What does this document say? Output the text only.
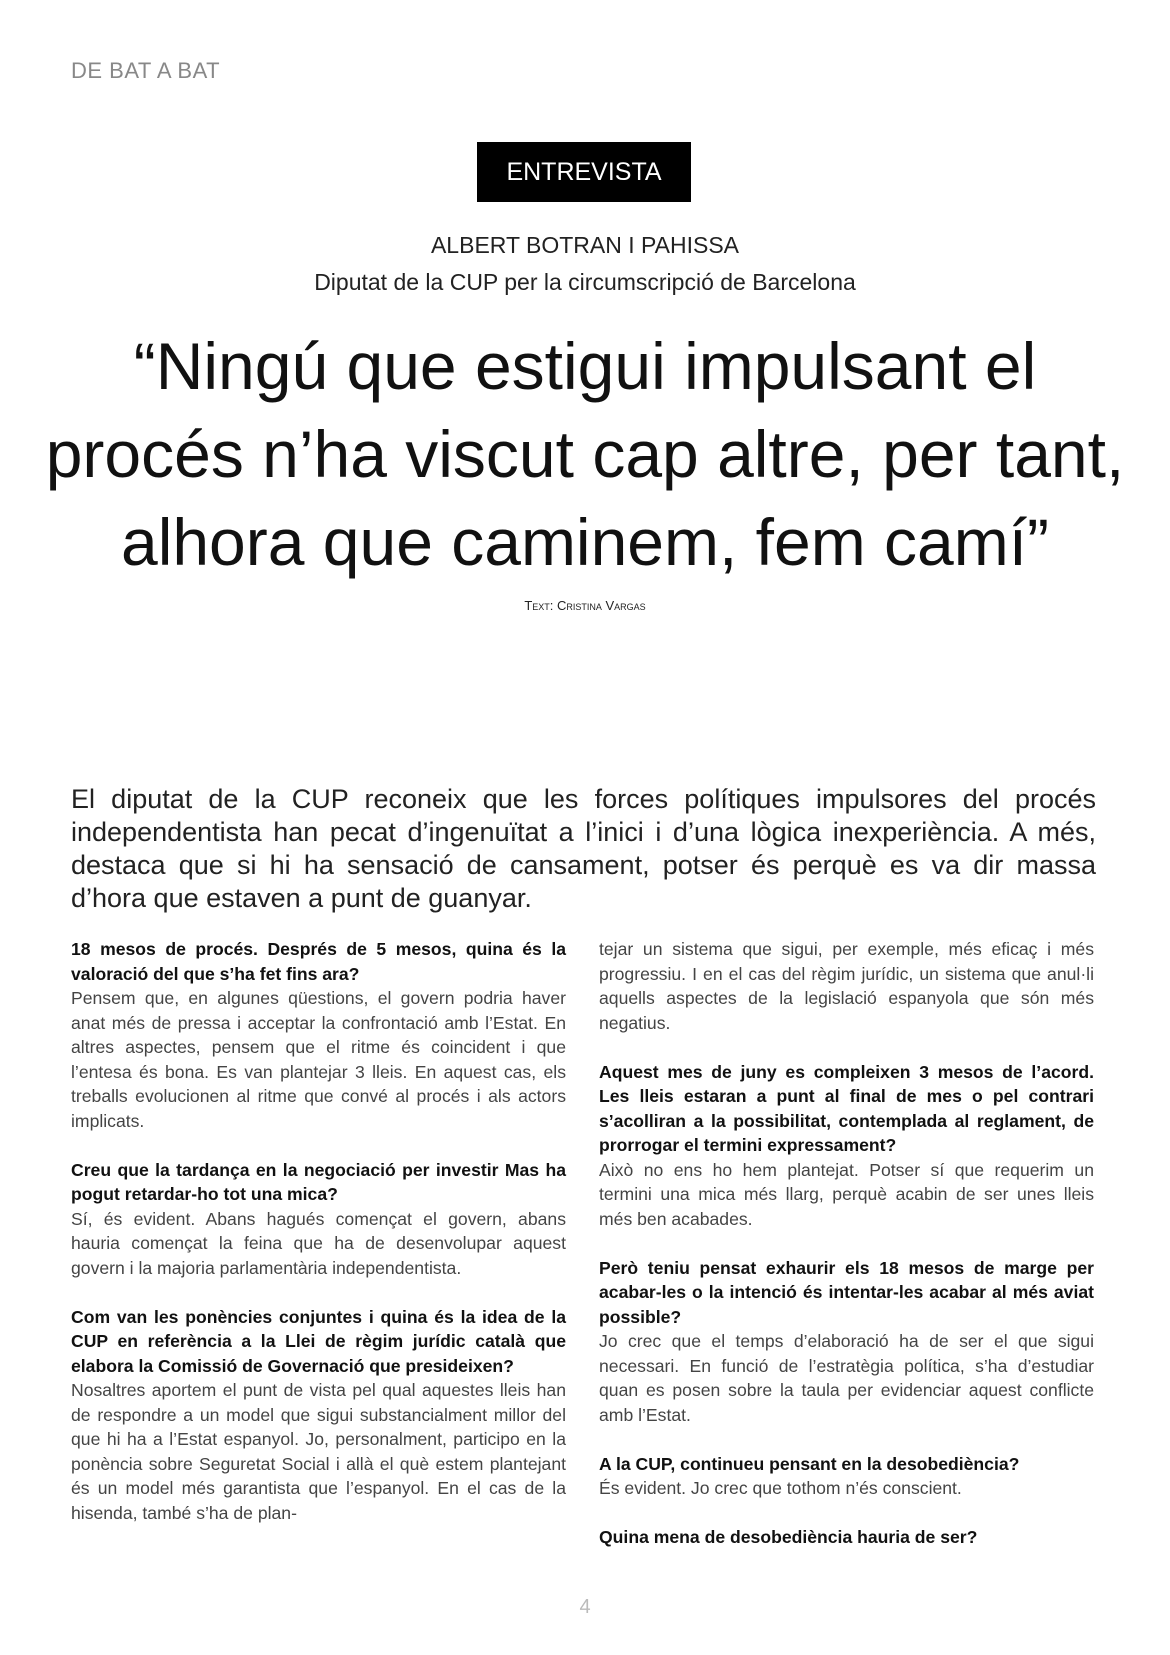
DE BAT A BAT
ENTREVISTA
ALBERT BOTRAN I PAHISSA
Diputat de la CUP per la circumscripció de Barcelona
“Ningú que estigui impulsant el procés n’ha viscut cap altre, per tant, alhora que caminem, fem camí”
Text: Cristina Vargas

El diputat de la CUP reconeix que les forces polítiques impulsores del procés independentista han pecat d’ingenuïtat a l’inici i d’una lògica inexperiència. A més, destaca que si hi ha sensació de cansament, potser és perquè es va dir massa d’hora que estaven a punt de guanyar.

18 mesos de procés. Després de 5 mesos, quina és la valoració del que s’ha fet fins ara?

Pensem que, en algunes qüestions, el govern podria haver anat més de pressa i acceptar la confrontació amb l’Estat. En altres aspectes, pensem que el ritme és coincident i que l’entesa és bona. Es van plantejar 3 lleis. En aquest cas, els treballs evolucionen al ritme que convé al procés i als actors implicats.

Creu que la tardança en la negociació per investir Mas ha pogut retardar-ho tot una mica?

Sí, és evident. Abans hagués començat el govern, abans hauria començat la feina que ha de desenvolupar aquest govern i la majoria parlamentària independentista.

Com van les ponències conjuntes i quina és la idea de la CUP en referència a la Llei de règim jurídic català que elabora la Comissió de Governació que presideixen?

Nosaltres aportem el punt de vista pel qual aquestes lleis han de respondre a un model que sigui substancialment millor del que hi ha a l’Estat espanyol. Jo, personalment, participo en la ponència sobre Seguretat Social i allà el què estem plantejant és un model més garantista que l’espanyol. En el cas de la hisenda, també s’ha de plan-

tejar un sistema que sigui, per exemple, més eficaç i més progressiu. I en el cas del règim jurídic, un sistema que anul·li aquells aspectes de la legislació espanyola que són més negatius.

Aquest mes de juny es compleixen 3 mesos de l’acord. Les lleis estaran a punt al final de mes o pel contrari s’acolliran a la possibilitat, contemplada al reglament, de prorrogar el termini expressament?

Això no ens ho hem plantejat. Potser sí que requerim un termini una mica més llarg, perquè acabin de ser unes lleis més ben acabades.

Però teniu pensat exhaurir els 18 mesos de marge per acabar-les o la intenció és intentar-les acabar al més aviat possible?

Jo crec que el temps d’elaboració ha de ser el que sigui necessari. En funció de l’estratègia política, s’ha d’estudiar quan es posen sobre la taula per evidenciar aquest conflicte amb l’Estat.

A la CUP, continueu pensant en la desobediència?

És evident. Jo crec que tothom n’és conscient.

Quina mena de desobediència hauria de ser?

4
